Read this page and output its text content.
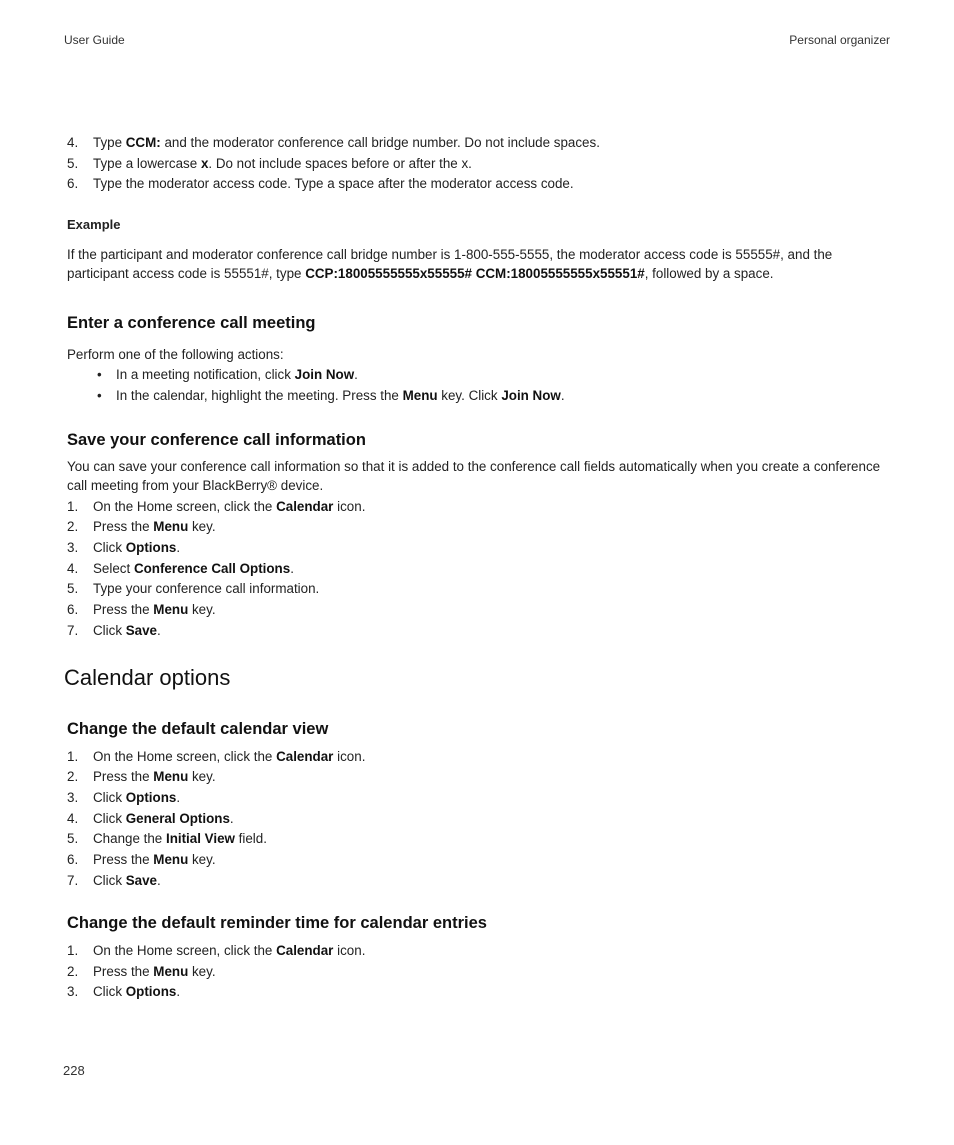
User Guide	Personal organizer
4. Type CCM: and the moderator conference call bridge number. Do not include spaces.
5. Type a lowercase x. Do not include spaces before or after the x.
6. Type the moderator access code. Type a space after the moderator access code.
Example
If the participant and moderator conference call bridge number is 1-800-555-5555, the moderator access code is 55555#, and the participant access code is 55551#, type CCP:18005555555x55555# CCM:18005555555x55551#, followed by a space.
Enter a conference call meeting
Perform one of the following actions:
• In a meeting notification, click Join Now.
• In the calendar, highlight the meeting. Press the Menu key. Click Join Now.
Save your conference call information
You can save your conference call information so that it is added to the conference call fields automatically when you create a conference call meeting from your BlackBerry® device.
1. On the Home screen, click the Calendar icon.
2. Press the Menu key.
3. Click Options.
4. Select Conference Call Options.
5. Type your conference call information.
6. Press the Menu key.
7. Click Save.
Calendar options
Change the default calendar view
1. On the Home screen, click the Calendar icon.
2. Press the Menu key.
3. Click Options.
4. Click General Options.
5. Change the Initial View field.
6. Press the Menu key.
7. Click Save.
Change the default reminder time for calendar entries
1. On the Home screen, click the Calendar icon.
2. Press the Menu key.
3. Click Options.
228
